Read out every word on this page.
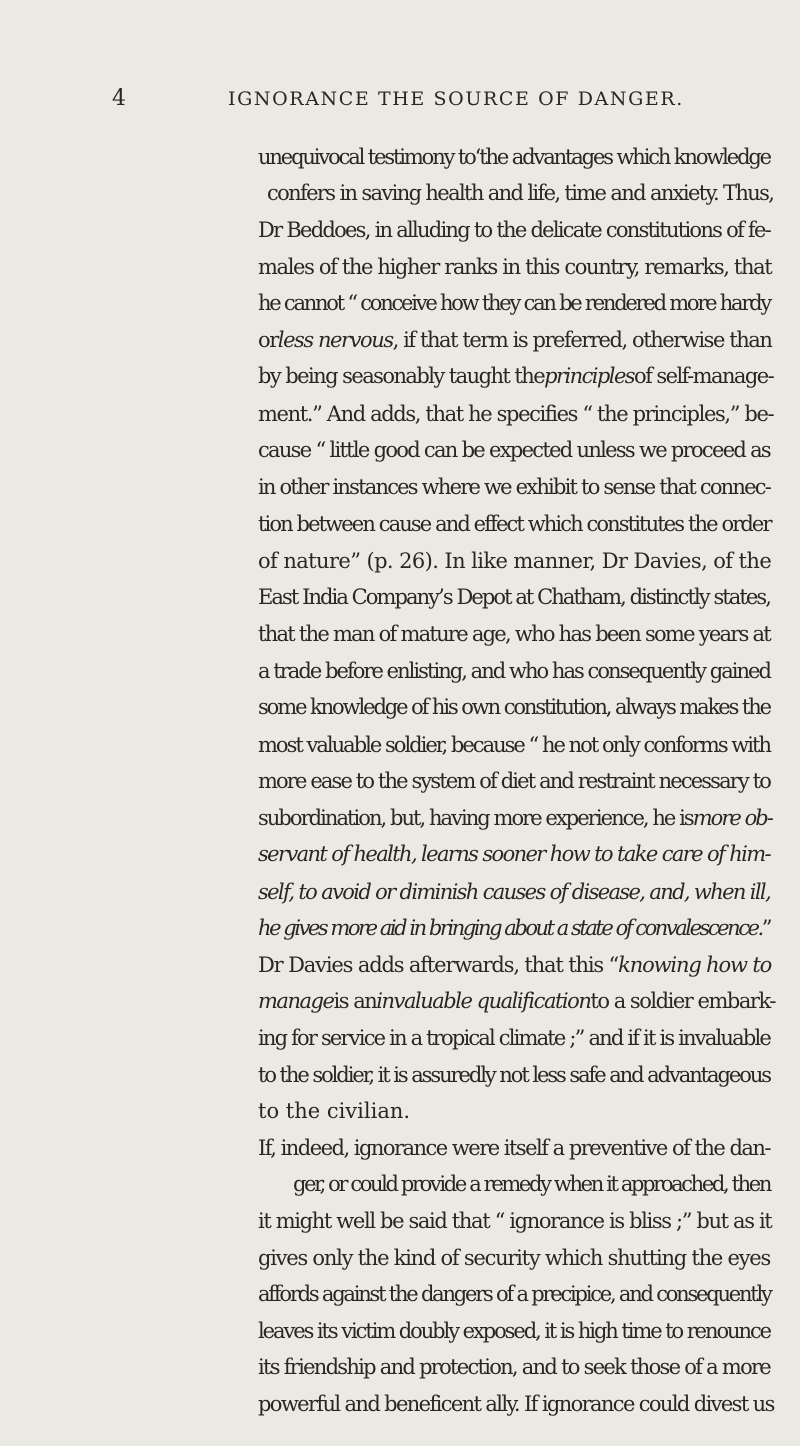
4	IGNORANCE THE SOURCE OF DANGER.
unequivocal testimony to‘the advantages which knowledge
confers in saving health and life, time and anxiety. Thus,
Dr Beddoes, in alluding to the delicate constitutions of fe-
males of the higher ranks in this country, remarks, that
he cannot “ conceive how they can be rendered more hardy
orless nervous, if that term is preferred, otherwise than
by being seasonably taught theprinciplesof self-manage-
ment.” And adds, that he specifies “ the principles,” be-
cause “ little good can be expected unless we proceed as
in other instances where we exhibit to sense that connec-
tion between cause and effect which constitutes the order
of nature” (p. 26). In like manner, Dr Davies, of the
East India Company’s Depot at Chatham, distinctly states,
that the man of mature age, who has been some years at
a trade before enlisting, and who has consequently gained
some knowledge of his own constitution, always makes the
most valuable soldier, because “ he not only conforms with
more ease to the system of diet and restraint necessary to
subordination, but, having more experience, he ismore ob-
servant of health, learns sooner how to take care of him-
self, to avoid or diminish causes of disease, and, when ill,
he gives more aid in bringing about a state of convalescence.”
Dr Davies adds afterwards, that this “knowing how to
manageis aninvaluable qualificationto a soldier embark-
ing for service in a tropical climate ;” and if it is invaluable
to the soldier, it is assuredly not less safe and advantageous
to the civilian.
If, indeed, ignorance were itself a preventive of the dan-
ger, or could provide a remedy when it approached, then
it might well be said that “ ignorance is bliss ;” but as it
gives only the kind of security which shutting the eyes
affords against the dangers of a precipice, and consequently
leaves its victim doubly exposed, it is high time to renounce
its friendship and protection, and to seek those of a more
powerful and beneficent ally. If ignorance could divest us
